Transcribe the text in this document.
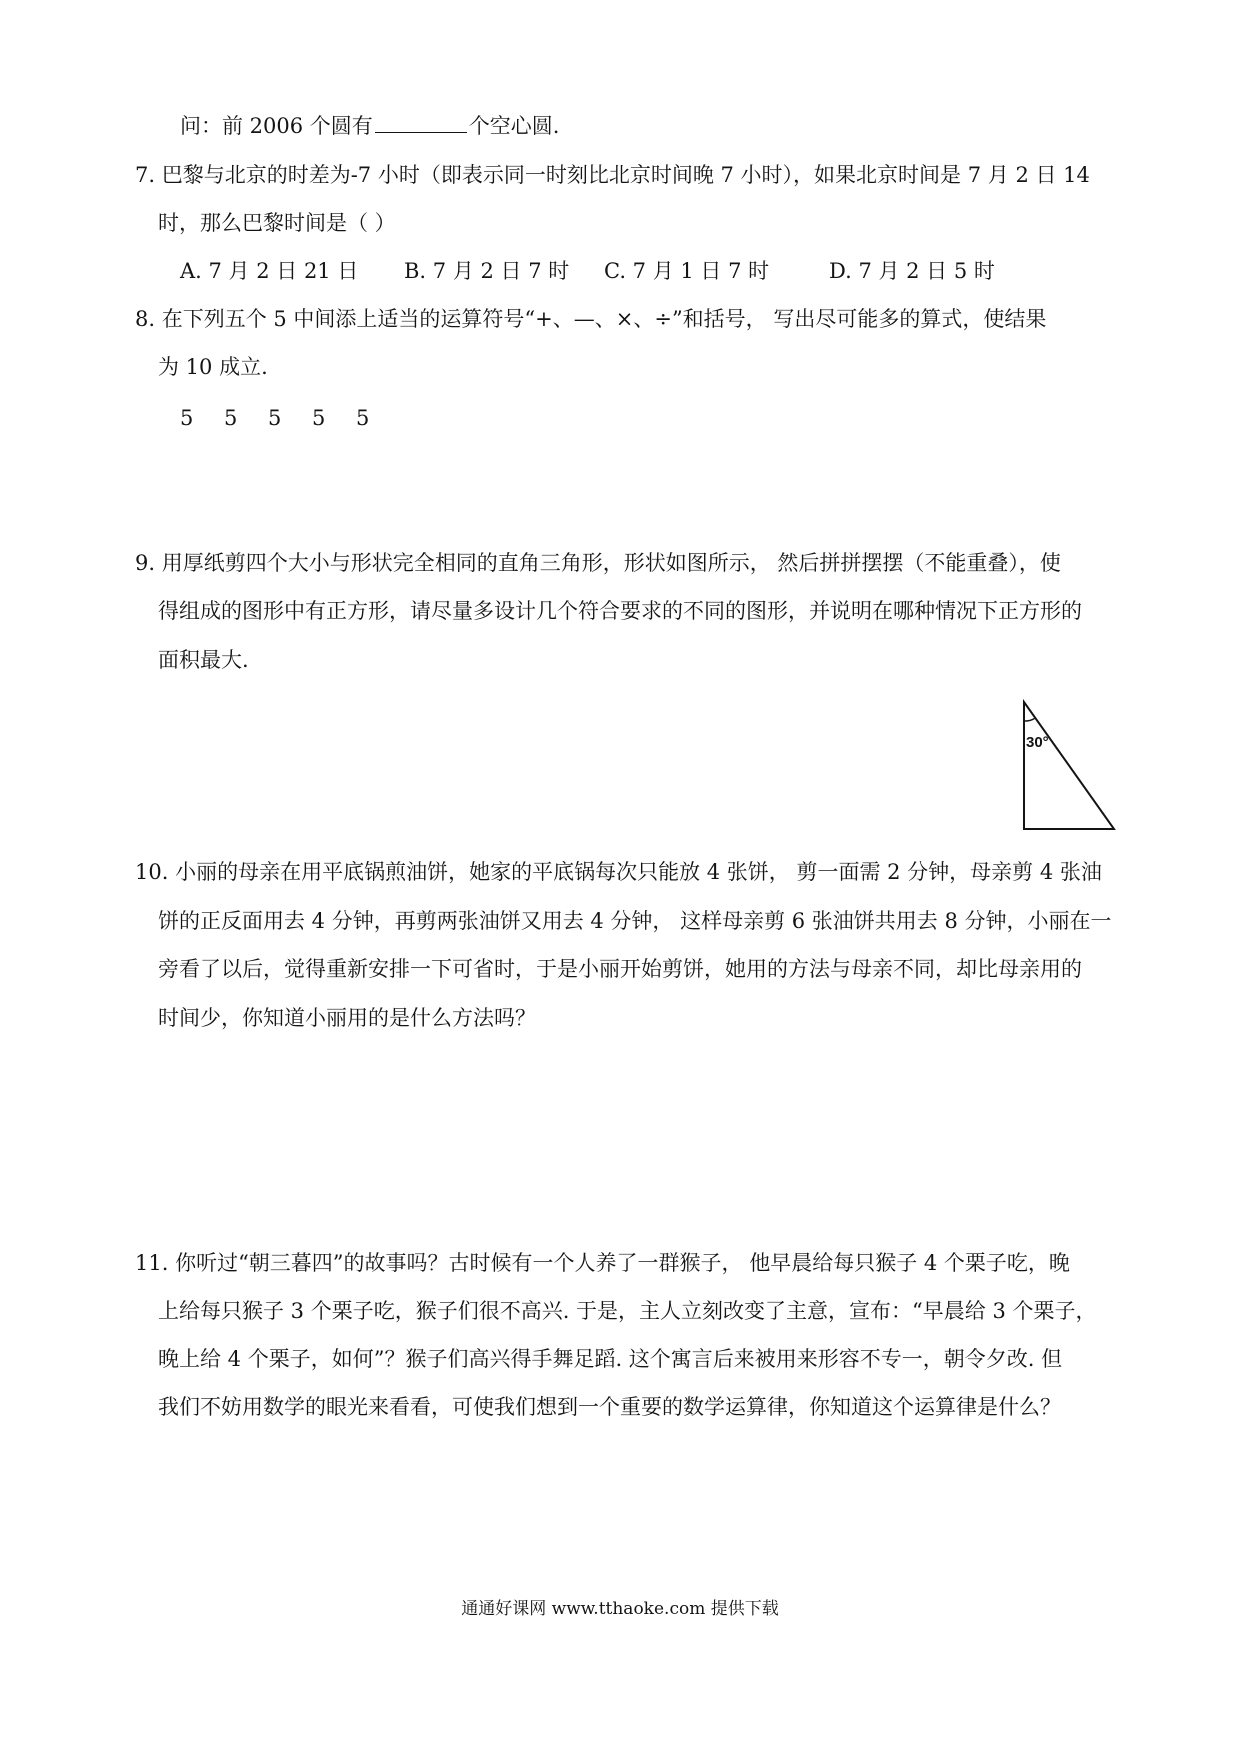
问：前 2006 个圆有	个空心圆.
7. 巴黎与北京的时差为-7 小时（即表示同一时刻比北京时间晚 7 小时），如果北京时间是 7 月 2 日 14
时，那么巴黎时间是（ ）
A. 7 月 2 日 21 日 B. 7 月 2 日 7 时 C. 7 月 1 日 7 时	D. 7 月 2 日 5 时
8. 在下列五个 5 中间添上适当的运算符号“+、—、×、÷”和括号， 写出尽可能多的算式，使结果
为 10 成立.
5 5 5 5 5
9. 用厚纸剪四个大小与形状完全相同的直角三角形，形状如图所示， 然后拼拼摆摆（不能重叠），使
得组成的图形中有正方形，请尽量多设计几个符合要求的不同的图形，并说明在哪种情况下正方形的
面积最大.
30°
10. 小丽的母亲在用平底锅煎油饼，她家的平底锅每次只能放 4 张饼， 剪一面需 2 分钟，母亲剪 4 张油
饼的正反面用去 4 分钟，再剪两张油饼又用去 4 分钟， 这样母亲剪 6 张油饼共用去 8 分钟，小丽在一
旁看了以后，觉得重新安排一下可省时，于是小丽开始剪饼，她用的方法与母亲不同，却比母亲用的
时间少，你知道小丽用的是什么方法吗？
11. 你听过“朝三暮四”的故事吗？古时候有一个人养了一群猴子， 他早晨给每只猴子 4 个栗子吃，晚
上给每只猴子 3 个栗子吃，猴子们很不高兴. 于是，主人立刻改变了主意，宣布：“早晨给 3 个栗子，
晚上给 4 个栗子，如何”？猴子们高兴得手舞足蹈. 这个寓言后来被用来形容不专一，朝令夕改. 但
我们不妨用数学的眼光来看看，可使我们想到一个重要的数学运算律，你知道这个运算律是什么？
通通好课网 www.tthaoke.com 提供下载
